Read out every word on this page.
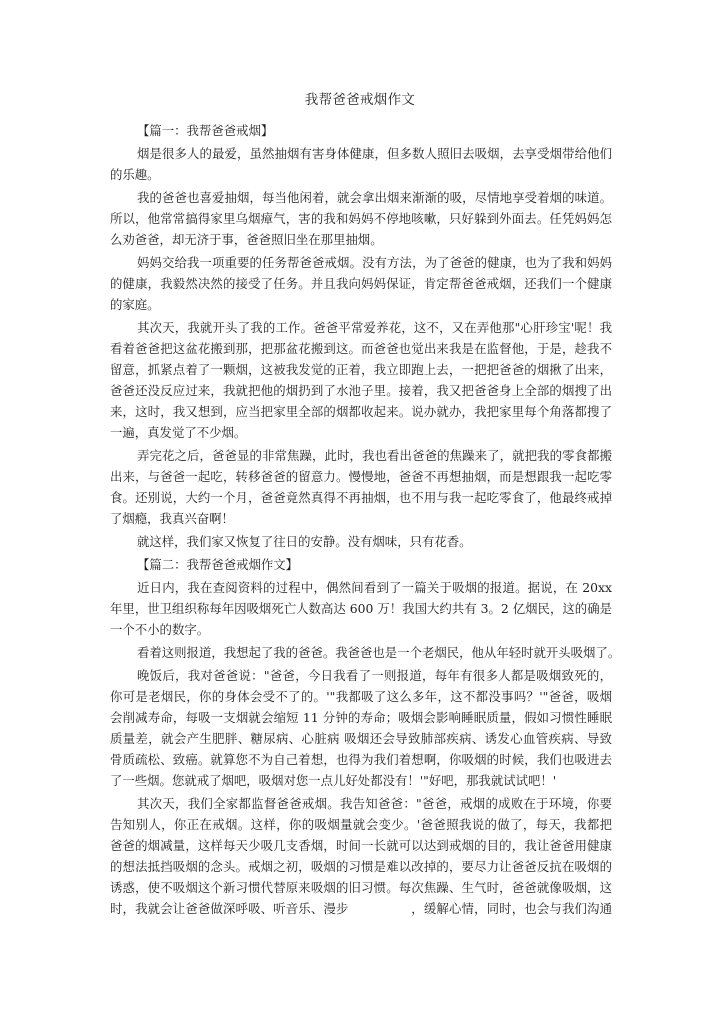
我帮爸爸戒烟作文
【篇一：我帮爸爸戒烟】
烟是很多人的最爱，虽然抽烟有害身体健康，但多数人照旧去吸烟，去享受烟带给他们
的乐趣。
我的爸爸也喜爱抽烟，每当他闲着，就会拿出烟来渐渐的吸，尽情地享受着烟的味道。
所以，他常常搞得家里乌烟瘴气，害的我和妈妈不停地咳嗽，只好躲到外面去。任凭妈妈怎
么劝爸爸，却无济于事，爸爸照旧坐在那里抽烟。
妈妈交给我一项重要的任务帮爸爸戒烟。没有方法，为了爸爸的健康，也为了我和妈妈
的健康，我毅然决然的接受了任务。并且我向妈妈保证，肯定帮爸爸戒烟，还我们一个健康
的家庭。
其次天，我就开头了我的工作。爸爸平常爱养花，这不，又在弄他那"心肝珍宝'呢！我
看着爸爸把这盆花搬到那，把那盆花搬到这。而爸爸也觉出来我是在监督他，于是，趁我不
留意，抓紧点着了一颗烟，这被我发觉的正着，我立即跑上去，一把把爸爸的烟揪了出来，
爸爸还没反应过来，我就把他的烟扔到了水池子里。接着，我又把爸爸身上全部的烟搜了出
来，这时，我又想到，应当把家里全部的烟都收起来。说办就办，我把家里每个角落都搜了
一遍，真发觉了不少烟。
弄完花之后，爸爸显的非常焦躁，此时，我也看出爸爸的焦躁来了，就把我的零食都搬
出来，与爸爸一起吃，转移爸爸的留意力。慢慢地，爸爸不再想抽烟，而是想跟我一起吃零
食。还别说，大约一个月，爸爸竟然真得不再抽烟，也不用与我一起吃零食了，他最终戒掉
了烟瘾，我真兴奋啊！
就这样，我们家又恢复了往日的安静。没有烟味，只有花香。
【篇二：我帮爸爸戒烟作文】
近日内，我在查阅资料的过程中，偶然间看到了一篇关于吸烟的报道。据说，在 20xx
年里，世卫组织称每年因吸烟死亡人数高达 600 万！我国大约共有 3。2 亿烟民，这的确是
一个不小的数字。
看着这则报道，我想起了我的爸爸。我爸爸也是一个老烟民，他从年轻时就开头吸烟了。
晚饭后，我对爸爸说："爸爸，今日我看了一则报道，每年有很多人都是吸烟致死的，
你可是老烟民，你的身体会受不了的。'"我都吸了这么多年，这不都没事吗？'"爸爸，吸烟
会削减寿命，每吸一支烟就会缩短 11 分钟的寿命；吸烟会影响睡眠质量，假如习惯性睡眠
质量差，就会产生肥胖、糖尿病、心脏病 吸烟还会导致肺部疾病、诱发心血管疾病、导致
骨质疏松、致癌。就算您不为自己着想，也得为我们着想啊，你吸烟的时候，我们也吸进去
了一些烟。您就戒了烟吧，吸烟对您一点儿好处都没有！'"好吧，那我就试试吧！'
其次天，我们全家都监督爸爸戒烟。我告知爸爸："爸爸，戒烟的成败在于环境，你要
告知别人，你正在戒烟。这样，你的吸烟量就会变少。'爸爸照我说的做了，每天，我都把
爸爸的烟减量，这样每天少吸几支香烟，时间一长就可以达到戒烟的目的，我让爸爸用健康
的想法抵挡吸烟的念头。戒烟之初，吸烟的习惯是难以改掉的，要尽力让爸爸反抗在吸烟的
诱惑，使不吸烟这个新习惯代替原来吸烟的旧习惯。每次焦躁、生气时，爸爸就像吸烟，这
时，我就会让爸爸做深呼吸、听音乐、漫步　　　　　，缓解心情，同时，也会与我们沟通
